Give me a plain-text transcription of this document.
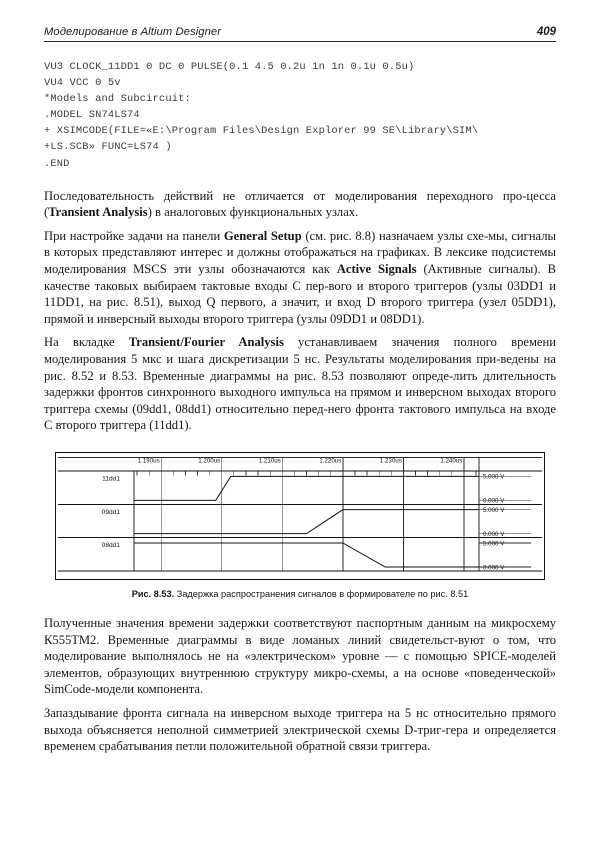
Моделирование в Altium Designer	409
VU3 CLOCK_11DD1 0 DC 0 PULSE(0.1 4.5 0.2u 1n 1n 0.1u 0.5u)
VU4 VCC 0 5v
*Models and Subcircuit:
.MODEL SN74LS74
+ XSIMCODE(FILE=«E:\Program Files\Design Explorer 99 SE\Library\SIM\
+LS.SCB» FUNC=LS74 )
.END

Последовательность действий не отличается от моделирования переходного про-цесса (Transient Analysis) в аналоговых функциональных узлах.

При настройке задачи на панели General Setup (см. рис. 8.8) назначаем узлы схе-мы, сигналы в которых представляют интерес и должны отображаться на графиках. В лексике подсистемы моделирования MSCS эти узлы обозначаются как Active Signals (Активные сигналы). В качестве таковых выбираем тактовые входы С пер-вого и второго триггеров (узлы 03DD1 и 11DD1, на рис. 8.51), выход Q первого, а значит, и вход D второго триггера (узел 05DD1), прямой и инверсный выходы второго триггера (узлы 09DD1 и 08DD1).

На вкладке Transient/Fourier Analysis устанавливаем значения полного времени моделирования 5 мкс и шага дискретизации 5 нс. Результаты моделирования при-ведены на рис. 8.52 и 8.53. Временные диаграммы на рис. 8.53 позволяют опреде-лить длительность задержки фронтов синхронного выходного импульса на прямом и инверсном выходах второго триггера схемы (09dd1, 08dd1) относительно перед-него фронта тактового импульса на входе С второго триггера (11dd1).

1.190us	1.200us	1.210us	1.220us	1.230us	1.240us
11dd1	5.000 V
0.000 V
09dd1	5.000 V
0.000 V
08dd1	5.000 V
0.000 V
Рис. 8.53. Задержка распространения сигналов в формирователе по рис. 8.51

Полученные значения времени задержки соответствуют паспортным данным на микросхему К555ТМ2. Временные диаграммы в виде ломаных линий свидетельст-вуют о том, что моделирование выполнялось не на «электрическом» уровне — с помощью SPICE-моделей элементов, образующих внутреннюю структуру микро-схемы, а на основе «поведенческой» SimCode-модели компонента.

Запаздывание фронта сигнала на инверсном выходе триггера на 5 нс относительно прямого выхода объясняется неполной симметрией электрической схемы D-триг-гера и определяется временем срабатывания петли положительной обратной связи триггера.
